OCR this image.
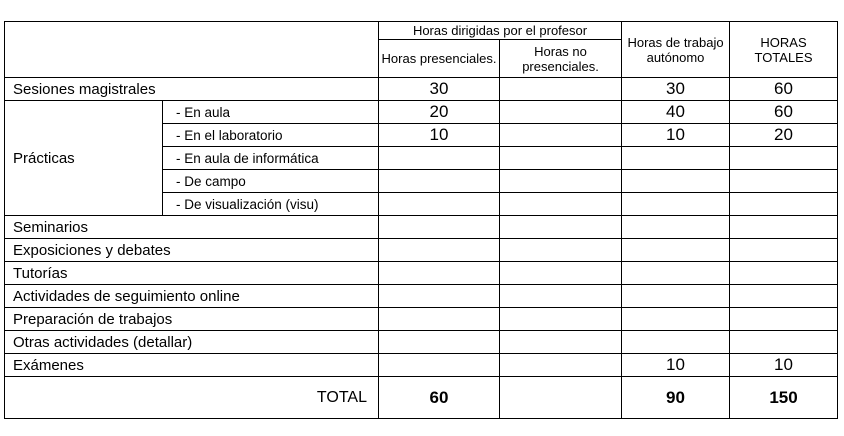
		Horas dirigidas por el profesor		Horas de trabajo autónomo	HORAS TOTALES
		Horas presenciales.	Horas no presenciales.		
Sesiones magistrales		30		30	60
Prácticas	- En aula	20		40	60
	- En el laboratorio	10		10	20
	- En aula de informática				
	- De campo				
	- De visualización (visu)				
Seminarios					
Exposiciones y debates					
Tutorías					
Actividades de seguimiento online					
Preparación de trabajos					
Otras actividades (detallar)					
Exámenes				10	10
TOTAL		60		90	150
